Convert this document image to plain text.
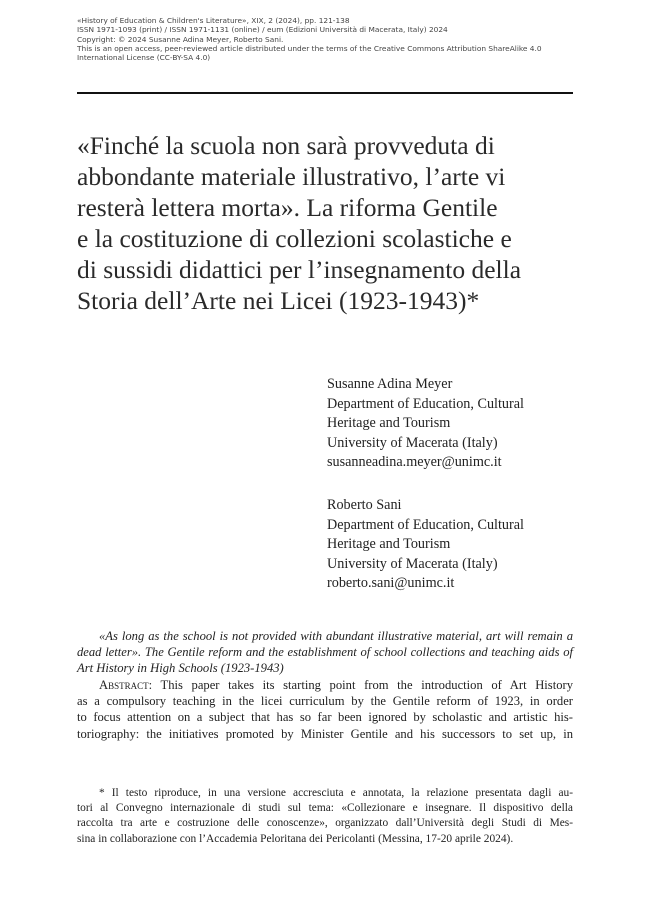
«History of Education & Children's Literature», XIX, 2 (2024), pp. 121-138
ISSN 1971-1093 (print) / ISSN 1971-1131 (online) / eum (Edizioni Università di Macerata, Italy) 2024
Copyright: © 2024 Susanne Adina Meyer, Roberto Sani.
This is an open access, peer-reviewed article distributed under the terms of the Creative Commons Attribution ShareAlike 4.0
International License (CC-BY-SA 4.0)
«Finché la scuola non sarà provveduta di
abbondante materiale illustrativo, l’arte vi
resterà lettera morta». La riforma Gentile
e la costituzione di collezioni scolastiche e
di sussidi didattici per l’insegnamento della
Storia dell’Arte nei Licei (1923-1943)*
Susanne Adina Meyer
Department of Education, Cultural
Heritage and Tourism
University of Macerata (Italy)
susanneadina.meyer@unimc.it
Roberto Sani
Department of Education, Cultural
Heritage and Tourism
University of Macerata (Italy)
roberto.sani@unimc.it
«As long as the school is not provided with abundant illustrative material, art will remain a dead letter». The Gentile reform and the establishment of school collections and teaching aids of Art History in High Schools (1923-1943)
Abstract: This paper takes its starting point from the introduction of Art History
as a compulsory teaching in the licei curriculum by the Gentile reform of 1923, in order
to focus attention on a subject that has so far been ignored by scholastic and artistic his-
toriography: the initiatives promoted by Minister Gentile and his successors to set up, in
* Il testo riproduce, in una versione accresciuta e annotata, la relazione presentata dagli au-
tori al Convegno internazionale di studi sul tema: «Collezionare e insegnare. Il dispositivo della
raccolta tra arte e costruzione delle conoscenze», organizzato dall’Università degli Studi di Mes-
sina in collaborazione con l’Accademia Peloritana dei Pericolanti (Messina, 17-20 aprile 2024).
